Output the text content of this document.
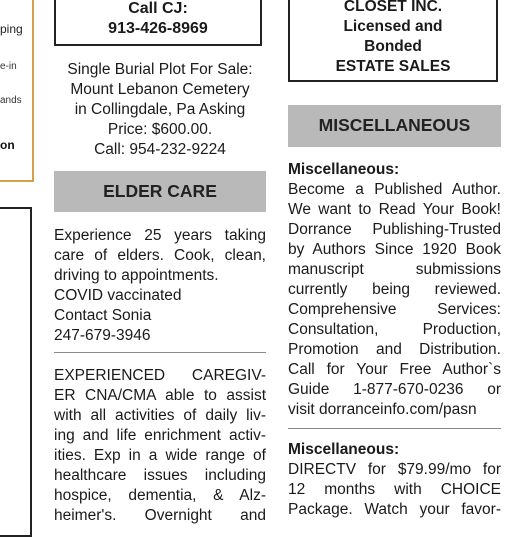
ping
e-in
ands
on
Call CJ:
913-426-8969
Single Burial Plot For Sale:
Mount Lebanon Cemetery
in Collingdale, Pa Asking
Price: $600.00.
Call: 954-232-9224
ELDER CARE
Experience 25 years taking
care of elders. Cook, clean,
driving to appointments.
COVID vaccinated
Contact Sonia
247-679-3946
EXPERIENCED CAREGIV-
ER CNA/CMA able to assist
with all activities of daily liv-
ing and life enrichment activ-
ities. Exp in a wide range of
healthcare issues including
hospice, dementia, & Alz-
heimer's. Overnight and
CLOSET INC.
Licensed and
Bonded
ESTATE SALES
MISCELLANEOUS
Miscellaneous:
Become a Published Author.
We want to Read Your Book!
Dorrance Publishing-Trusted
by Authors Since 1920 Book
manuscript submissions
currently being reviewed.
Comprehensive Services:
Consultation, Production,
Promotion and Distribution.
Call for Your Free Author`s
Guide 1-877-670-0236 or
visit dorranceinfo.com/pasn
Miscellaneous:
DIRECTV for $79.99/mo for
12 months with CHOICE
Package. Watch your favor-
